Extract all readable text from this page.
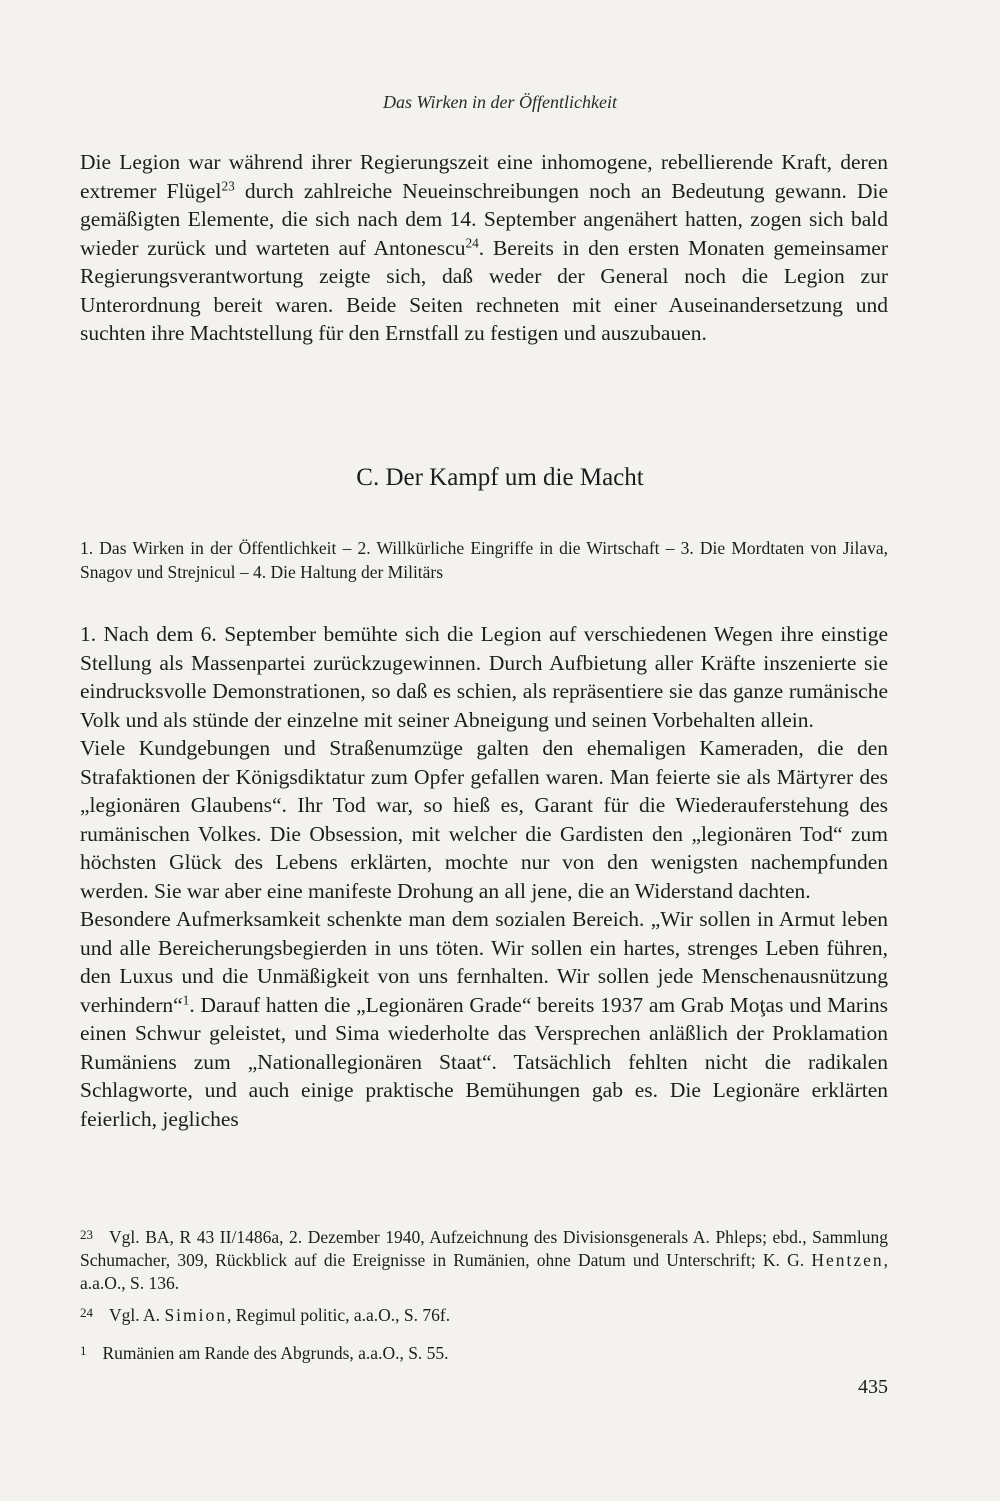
Das Wirken in der Öffentlichkeit

Die Legion war während ihrer Regierungszeit eine inhomogene, rebellierende Kraft, deren extremer Flügel$^{23}$ durch zahlreiche Neueinschreibungen noch an Bedeutung gewann. Die gemäßigten Elemente, die sich nach dem 14. September angenähert hatten, zogen sich bald wieder zurück und warteten auf Antonescu$^{24}$. Bereits in den ersten Monaten gemeinsamer Regierungsverantwortung zeigte sich, daß weder der General noch die Legion zur Unterordnung bereit waren. Beide Seiten rechneten mit einer Auseinandersetzung und suchten ihre Machtstellung für den Ernstfall zu festigen und auszubauen.

C. Der Kampf um die Macht
1. Das Wirken in der Öffentlichkeit – 2. Willkürliche Eingriffe in die Wirtschaft – 3. Die Mordtaten von Jilava, Snagov und Strejnicul – 4. Die Haltung der Militärs

1. Nach dem 6. September bemühte sich die Legion auf verschiedenen Wegen ihre einstige Stellung als Massenpartei zurückzugewinnen. Durch Aufbietung aller Kräfte inszenierte sie eindrucksvolle Demonstrationen, so daß es schien, als repräsentiere sie das ganze rumänische Volk und als stünde der einzelne mit seiner Abneigung und seinen Vorbehalten allein.

Viele Kundgebungen und Straßenumzüge galten den ehemaligen Kameraden, die den Strafaktionen der Königsdiktatur zum Opfer gefallen waren. Man feierte sie als Märtyrer des „legionären Glaubens“. Ihr Tod war, so hieß es, Garant für die Wiederauferstehung des rumänischen Volkes. Die Obsession, mit welcher die Gardisten den „legionären Tod“ zum höchsten Glück des Lebens erklärten, mochte nur von den wenigsten nachempfunden werden. Sie war aber eine manifeste Drohung an all jene, die an Widerstand dachten.

Besondere Aufmerksamkeit schenkte man dem sozialen Bereich. „Wir sollen in Armut leben und alle Bereicherungsbegierden in uns töten. Wir sollen ein hartes, strenges Leben führen, den Luxus und die Unmäßigkeit von uns fernhalten. Wir sollen jede Menschenausnützung verhindern“$^1$. Darauf hatten die „Legionären Grade“ bereits 1937 am Grab Moţas und Marins einen Schwur geleistet, und Sima wiederholte das Versprechen anläßlich der Proklamation Rumäniens zum „Nationallegionären Staat“. Tatsächlich fehlten nicht die radikalen Schlagworte, und auch einige praktische Bemühungen gab es. Die Legionäre erklärten feierlich, jegliches

23 Vgl. BA, R 43 II/1486a, 2. Dezember 1940, Aufzeichnung des Divisionsgenerals A. Phleps; ebd., Sammlung Schumacher, 309, Rückblick auf die Ereignisse in Rumänien, ohne Datum und Unterschrift; K. G. Hentzen, a.a.O., S. 136.

24 Vgl. A. Simion, Regimul politic, a.a.O., S. 76f.

1 Rumänien am Rande des Abgrunds, a.a.O., S. 55.

435
